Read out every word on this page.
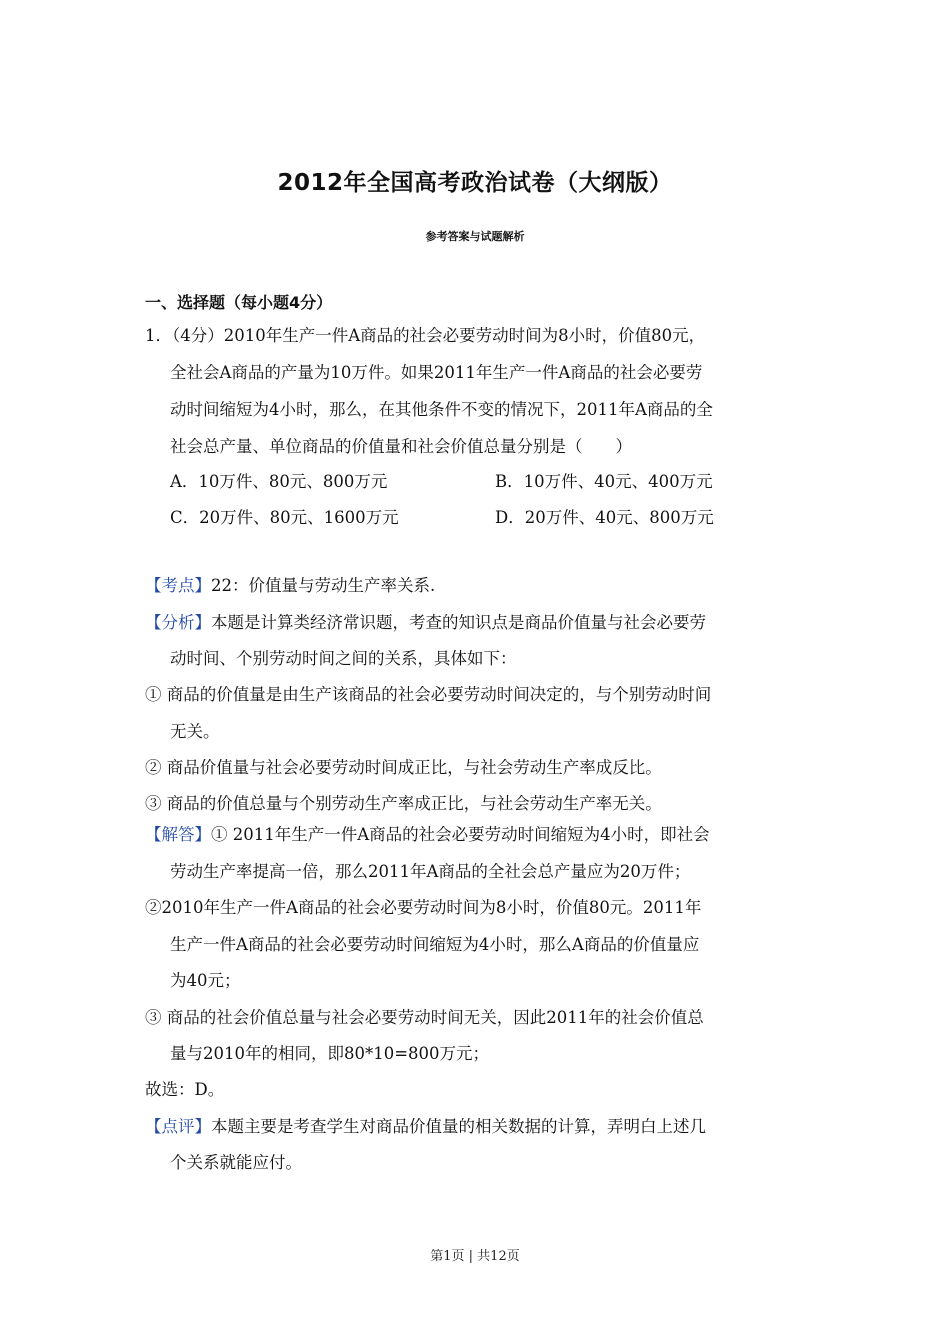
2012年全国高考政治试卷（大纲版）
参考答案与试题解析
一、选择题（每小题4分）
1．（4分）2010年生产一件A商品的社会必要劳动时间为8小时，价值80元，
全社会A商品的产量为10万件。如果2011年生产一件A商品的社会必要劳
动时间缩短为4小时，那么，在其他条件不变的情况下，2011年A商品的全
社会总产量、单位商品的价值量和社会价值总量分别是（　　）
A．10万件、80元、800万元	B．10万件、40元、400万元
C．20万件、80元、1600万元	D．20万件、40元、800万元
【考点】22：价值量与劳动生产率关系.
【分析】本题是计算类经济常识题，考查的知识点是商品价值量与社会必要劳
动时间、个别劳动时间之间的关系，具体如下：
① 商品的价值量是由生产该商品的社会必要劳动时间决定的，与个别劳动时间
无关。
② 商品价值量与社会必要劳动时间成正比，与社会劳动生产率成反比。
③ 商品的价值总量与个别劳动生产率成正比，与社会劳动生产率无关。
【解答】① 2011年生产一件A商品的社会必要劳动时间缩短为4小时，即社会
劳动生产率提高一倍，那么2011年A商品的全社会总产量应为20万件；
②2010年生产一件A商品的社会必要劳动时间为8小时，价值80元。2011年
生产一件A商品的社会必要劳动时间缩短为4小时，那么A商品的价值量应
为40元；
③ 商品的社会价值总量与社会必要劳动时间无关，因此2011年的社会价值总
量与2010年的相同，即80*10=800万元；
故选：D。
【点评】本题主要是考查学生对商品价值量的相关数据的计算，弄明白上述几
个关系就能应付。
第1页 | 共12页
